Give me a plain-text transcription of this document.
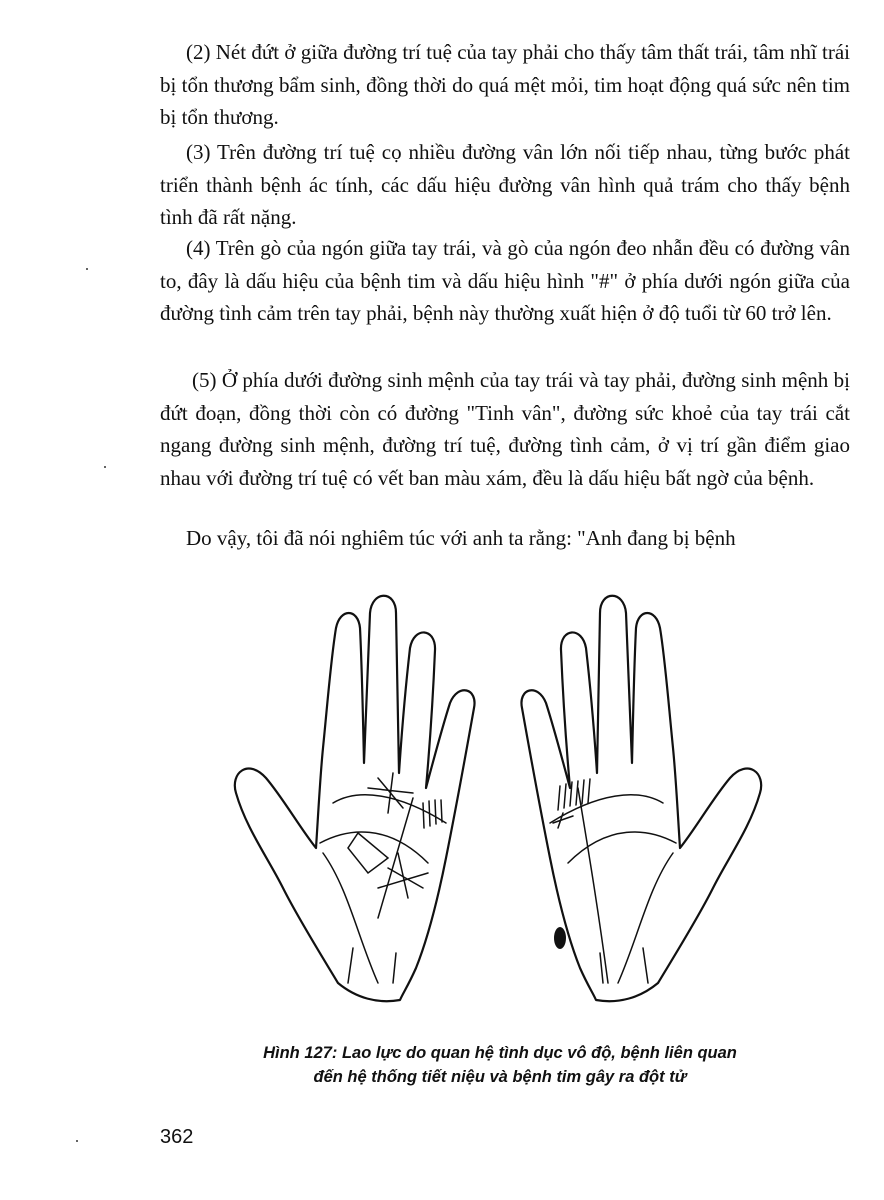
(2) Nét đứt ở giữa đường trí tuệ của tay phải cho thấy tâm thất trái, tâm nhĩ trái bị tổn thương bẩm sinh, đồng thời do quá mệt mỏi, tim hoạt động quá sức nên tim bị tổn thương.

(3) Trên đường trí tuệ cọ nhiều đường vân lớn nối tiếp nhau, từng bước phát triển thành bệnh ác tính, các dấu hiệu đường vân hình quả trám cho thấy bệnh tình đã rất nặng.

(4) Trên gò của ngón giữa tay trái, và gò của ngón đeo nhẫn đều có đường vân to, đây là dấu hiệu của bệnh tim và dấu hiệu hình "#" ở phía dưới ngón giữa của đường tình cảm trên tay phải, bệnh này thường xuất hiện ở độ tuổi từ 60 trở lên.

(5) Ở phía dưới đường sinh mệnh của tay trái và tay phải, đường sinh mệnh bị đứt đoạn, đồng thời còn có đường "Tinh vân", đường sức khoẻ của tay trái cắt ngang đường sinh mệnh, đường trí tuệ, đường tình cảm, ở vị trí gần điểm giao nhau với đường trí tuệ có vết ban màu xám, đều là dấu hiệu bất ngờ của bệnh.

Do vậy, tôi đã nói nghiêm túc với anh ta rằng: "Anh đang bị bệnh

Hình 127: Lao lực do quan hệ tình dục vô độ, bệnh liên quan

đến hệ thống tiết niệu và bệnh tim gây ra đột tử

362
